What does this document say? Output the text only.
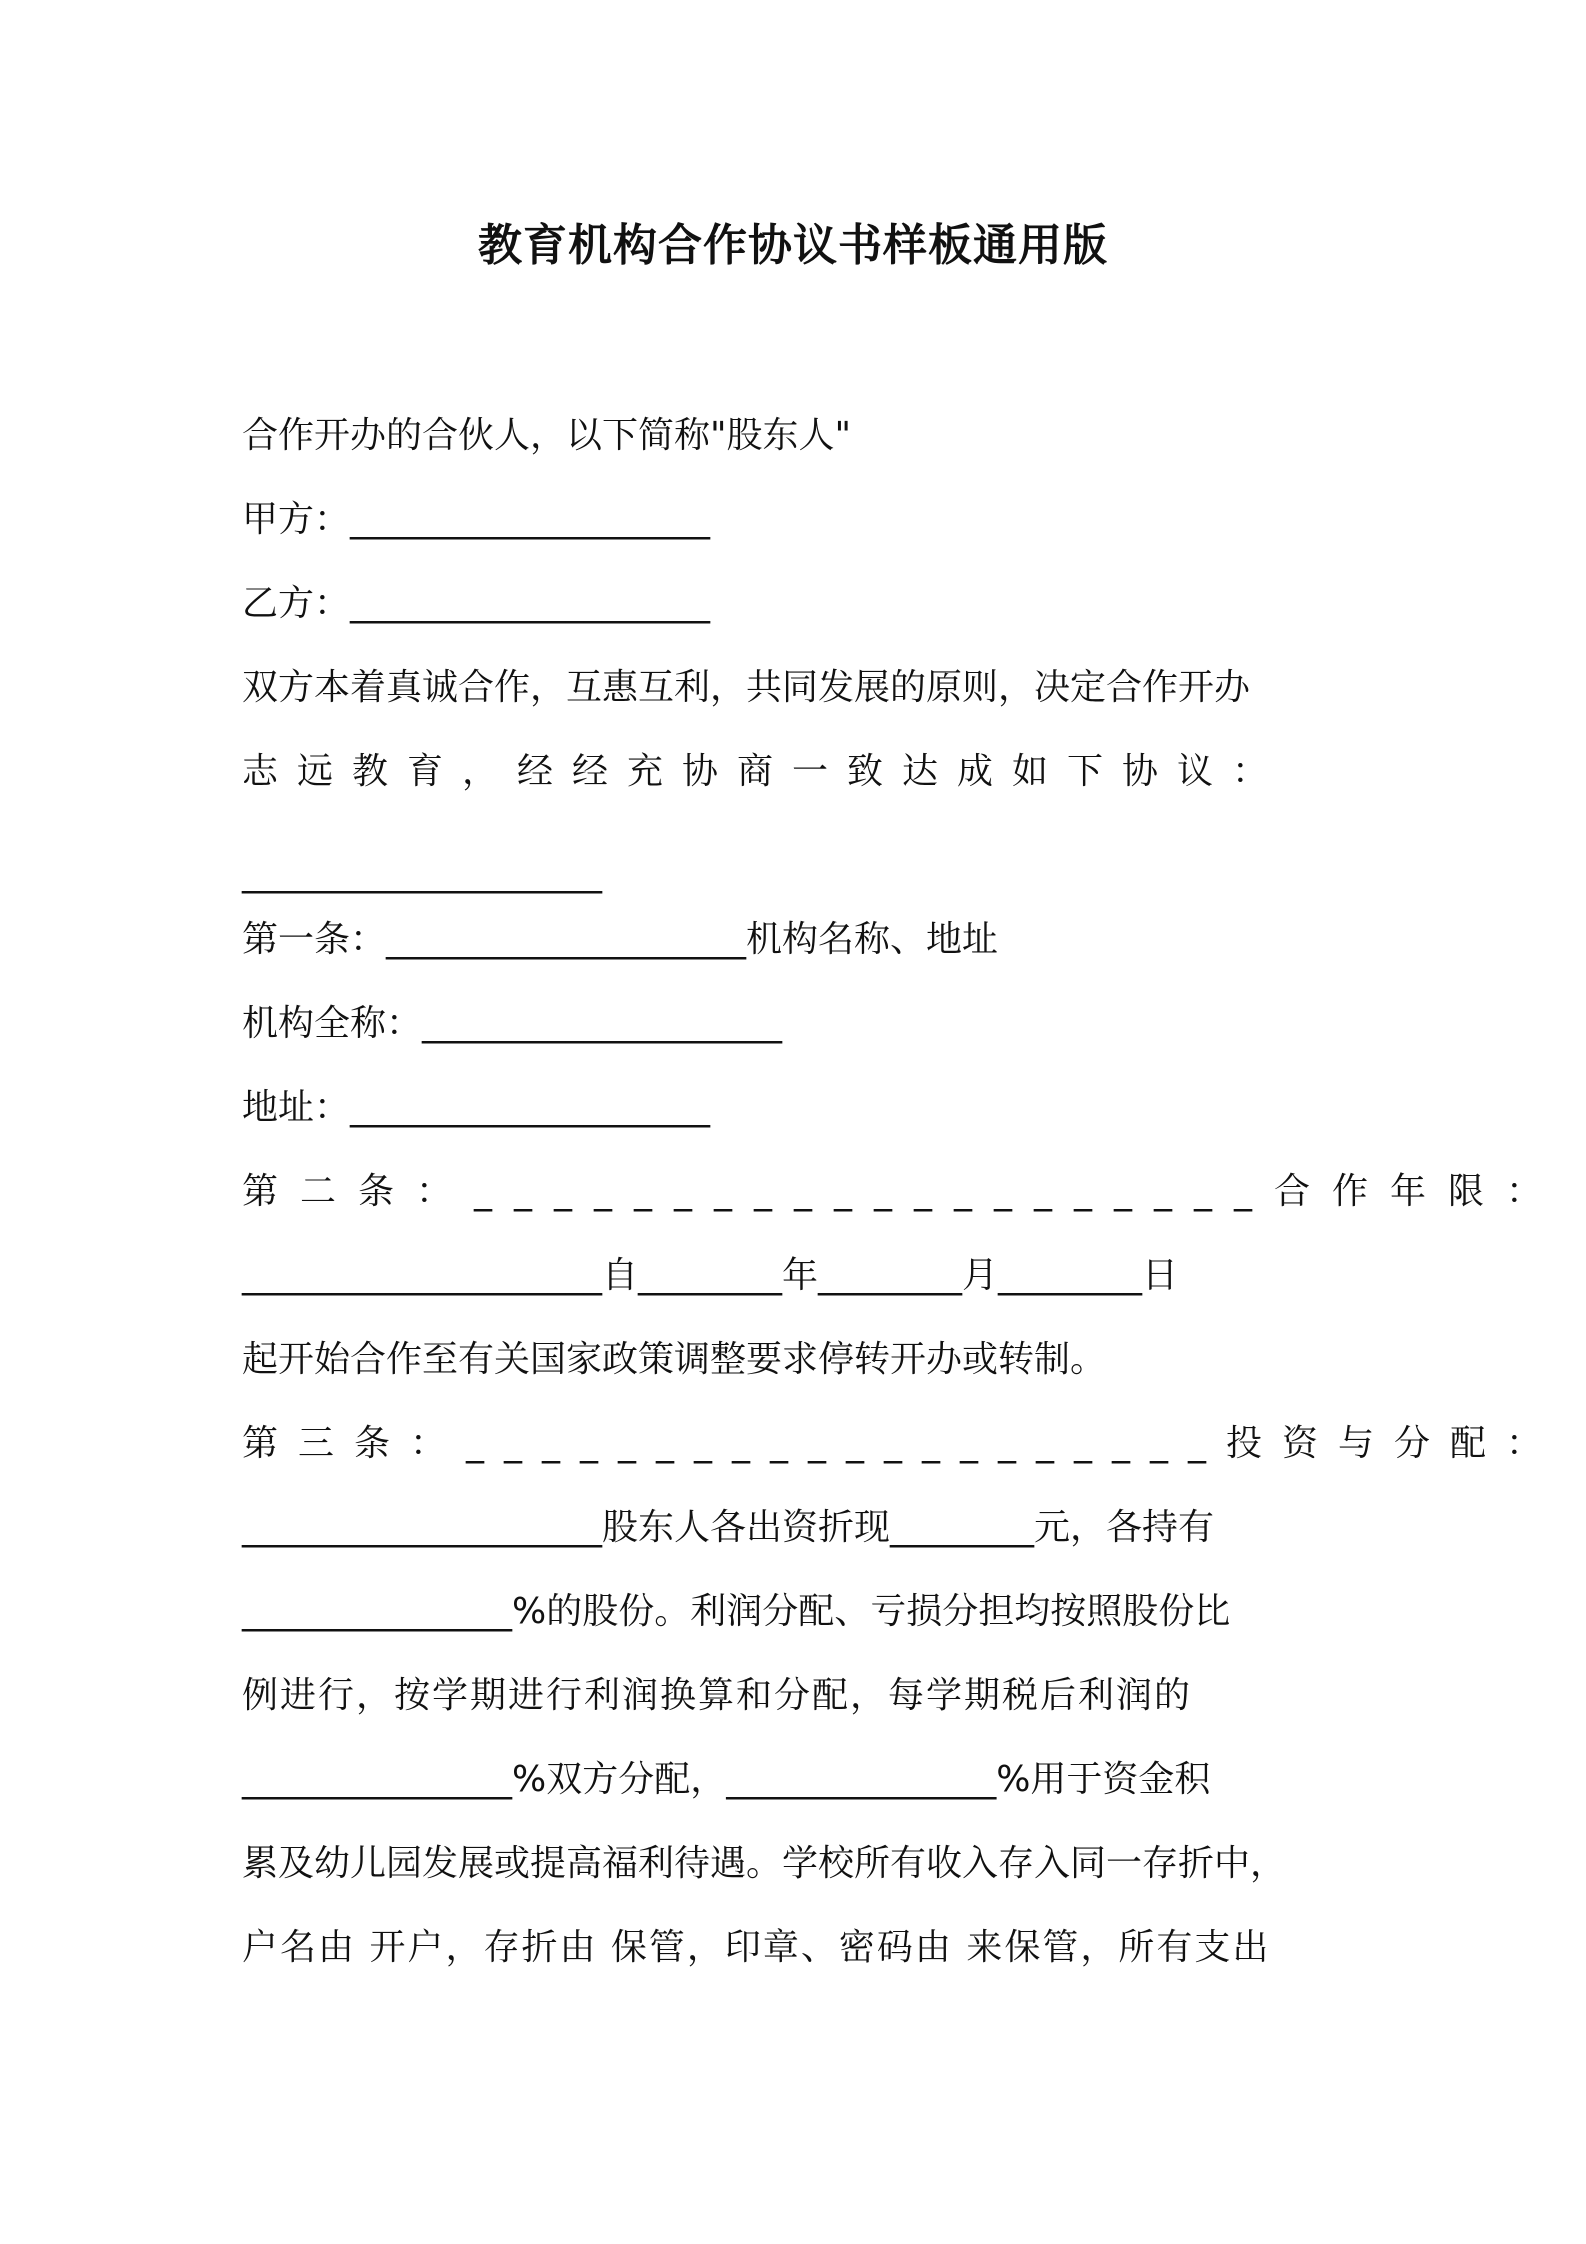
教育机构合作协议书样板通用版
合作开办的合伙人，以下简称"股东人"
甲方：____________________
乙方：____________________
双方本着真诚合作，互惠互利，共同发展的原则，决定合作开办
志远教育，经经充协商一致达成如下协议：
____________________
第一条：____________________机构名称、地址
机构全称：____________________
地址：____________________
第二条：____________________合作年限：
____________________自________年________月________日
起开始合作至有关国家政策调整要求停转开办或转制。
第三条：____________________投资与分配：
____________________股东人各出资折现________元，各持有
_______________%的股份。利润分配、亏损分担均按照股份比
例进行，按学期进行利润换算和分配，每学期税后利润的
_______________%双方分配，_______________%用于资金积
累及幼儿园发展或提高福利待遇。学校所有收入存入同一存折中，
户名由 开户，存折由 保管，印章、密码由 来保管，所有支出
